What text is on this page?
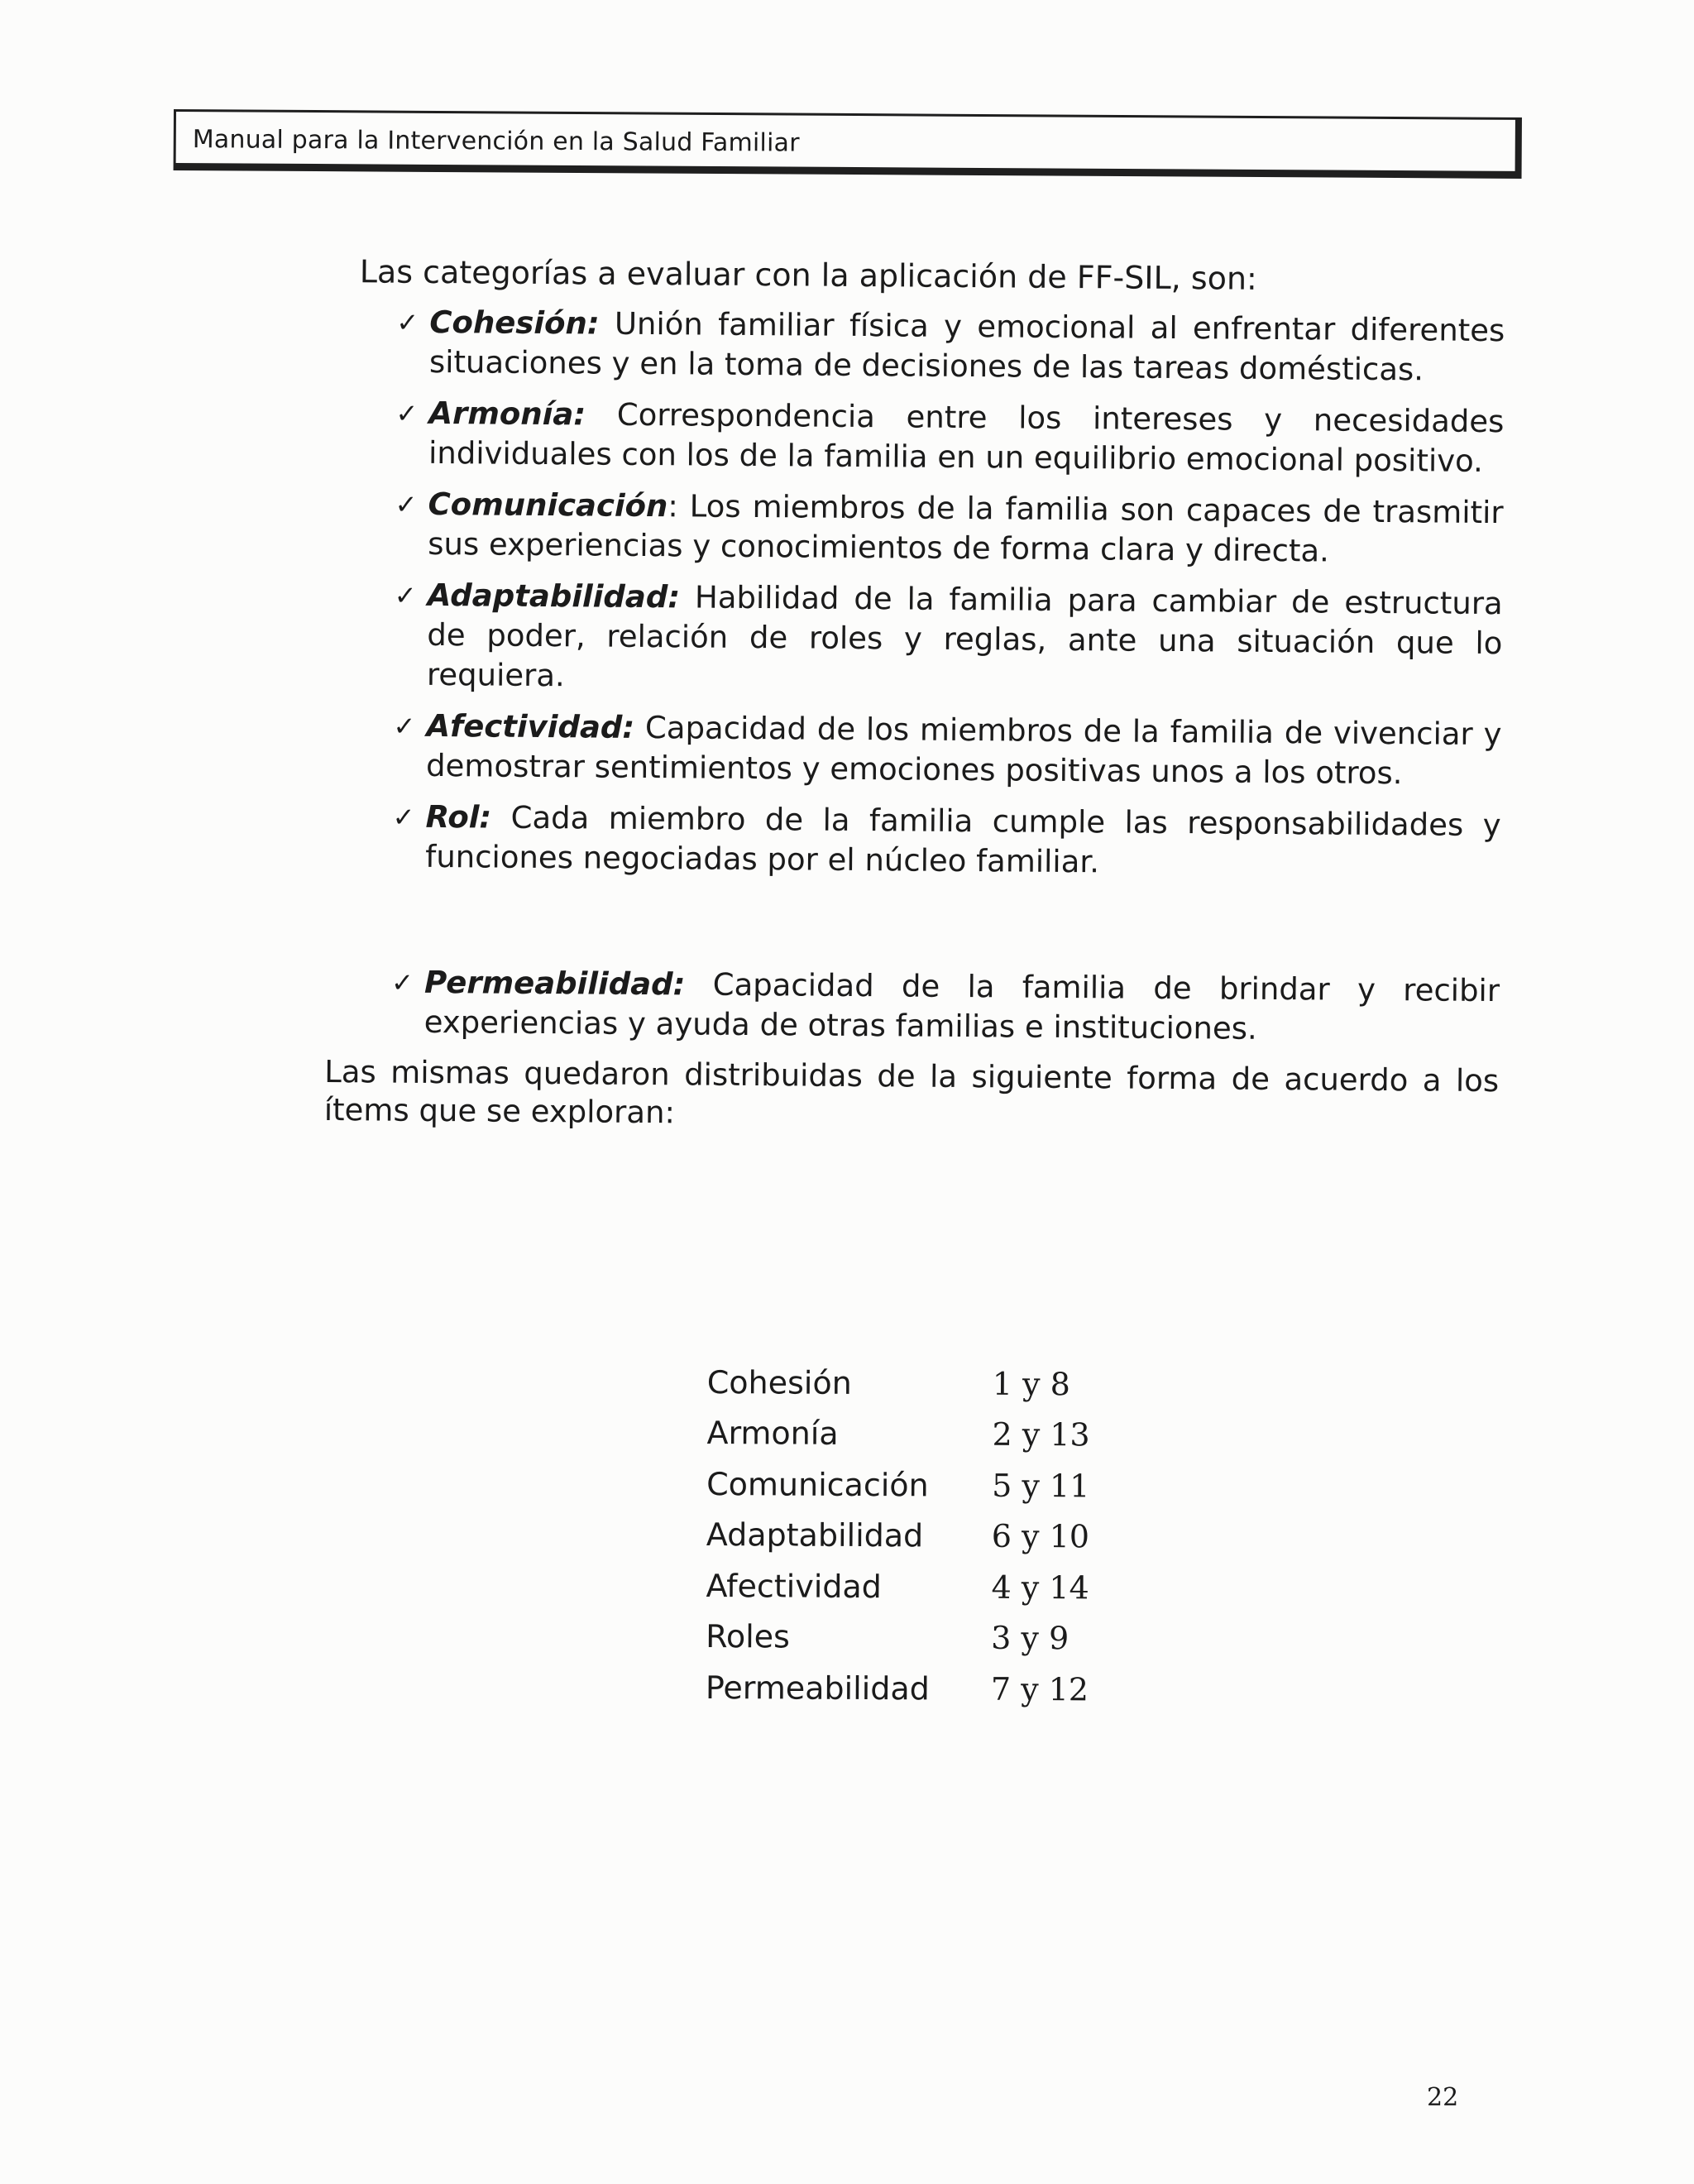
Manual para la Intervención en la Salud Familiar

Las categorías a evaluar con la aplicación de FF-SIL, son:

✓ Cohesión: Unión familiar física y emocional al enfrentar diferentes situaciones y en la toma de decisiones de las tareas domésticas.
✓ Armonía: Correspondencia entre los intereses y necesidades individuales con los de la familia en un equilibrio emocional positivo.
✓ Comunicación: Los miembros de la familia son capaces de trasmitir sus experiencias y conocimientos de forma clara y directa.
✓ Adaptabilidad: Habilidad de la familia para cambiar de estructura de poder, relación de roles y reglas, ante una situación que lo requiera.
✓ Afectividad: Capacidad de los miembros de la familia de vivenciar y demostrar sentimientos y emociones positivas unos a los otros.
✓ Rol: Cada miembro de la familia cumple las responsabilidades y funciones negociadas por el núcleo familiar.
✓ Permeabilidad: Capacidad de la familia de brindar y recibir experiencias y ayuda de otras familias e instituciones.

Las mismas quedaron distribuidas de la siguiente forma de acuerdo a los ítems que se exploran:

Cohesión	1 y 8
Armonía	2 y 13
Comunicación	5 y 11
Adaptabilidad	6 y 10
Afectividad	4 y 14
Roles	3 y 9
Permeabilidad	7 y 12
22
